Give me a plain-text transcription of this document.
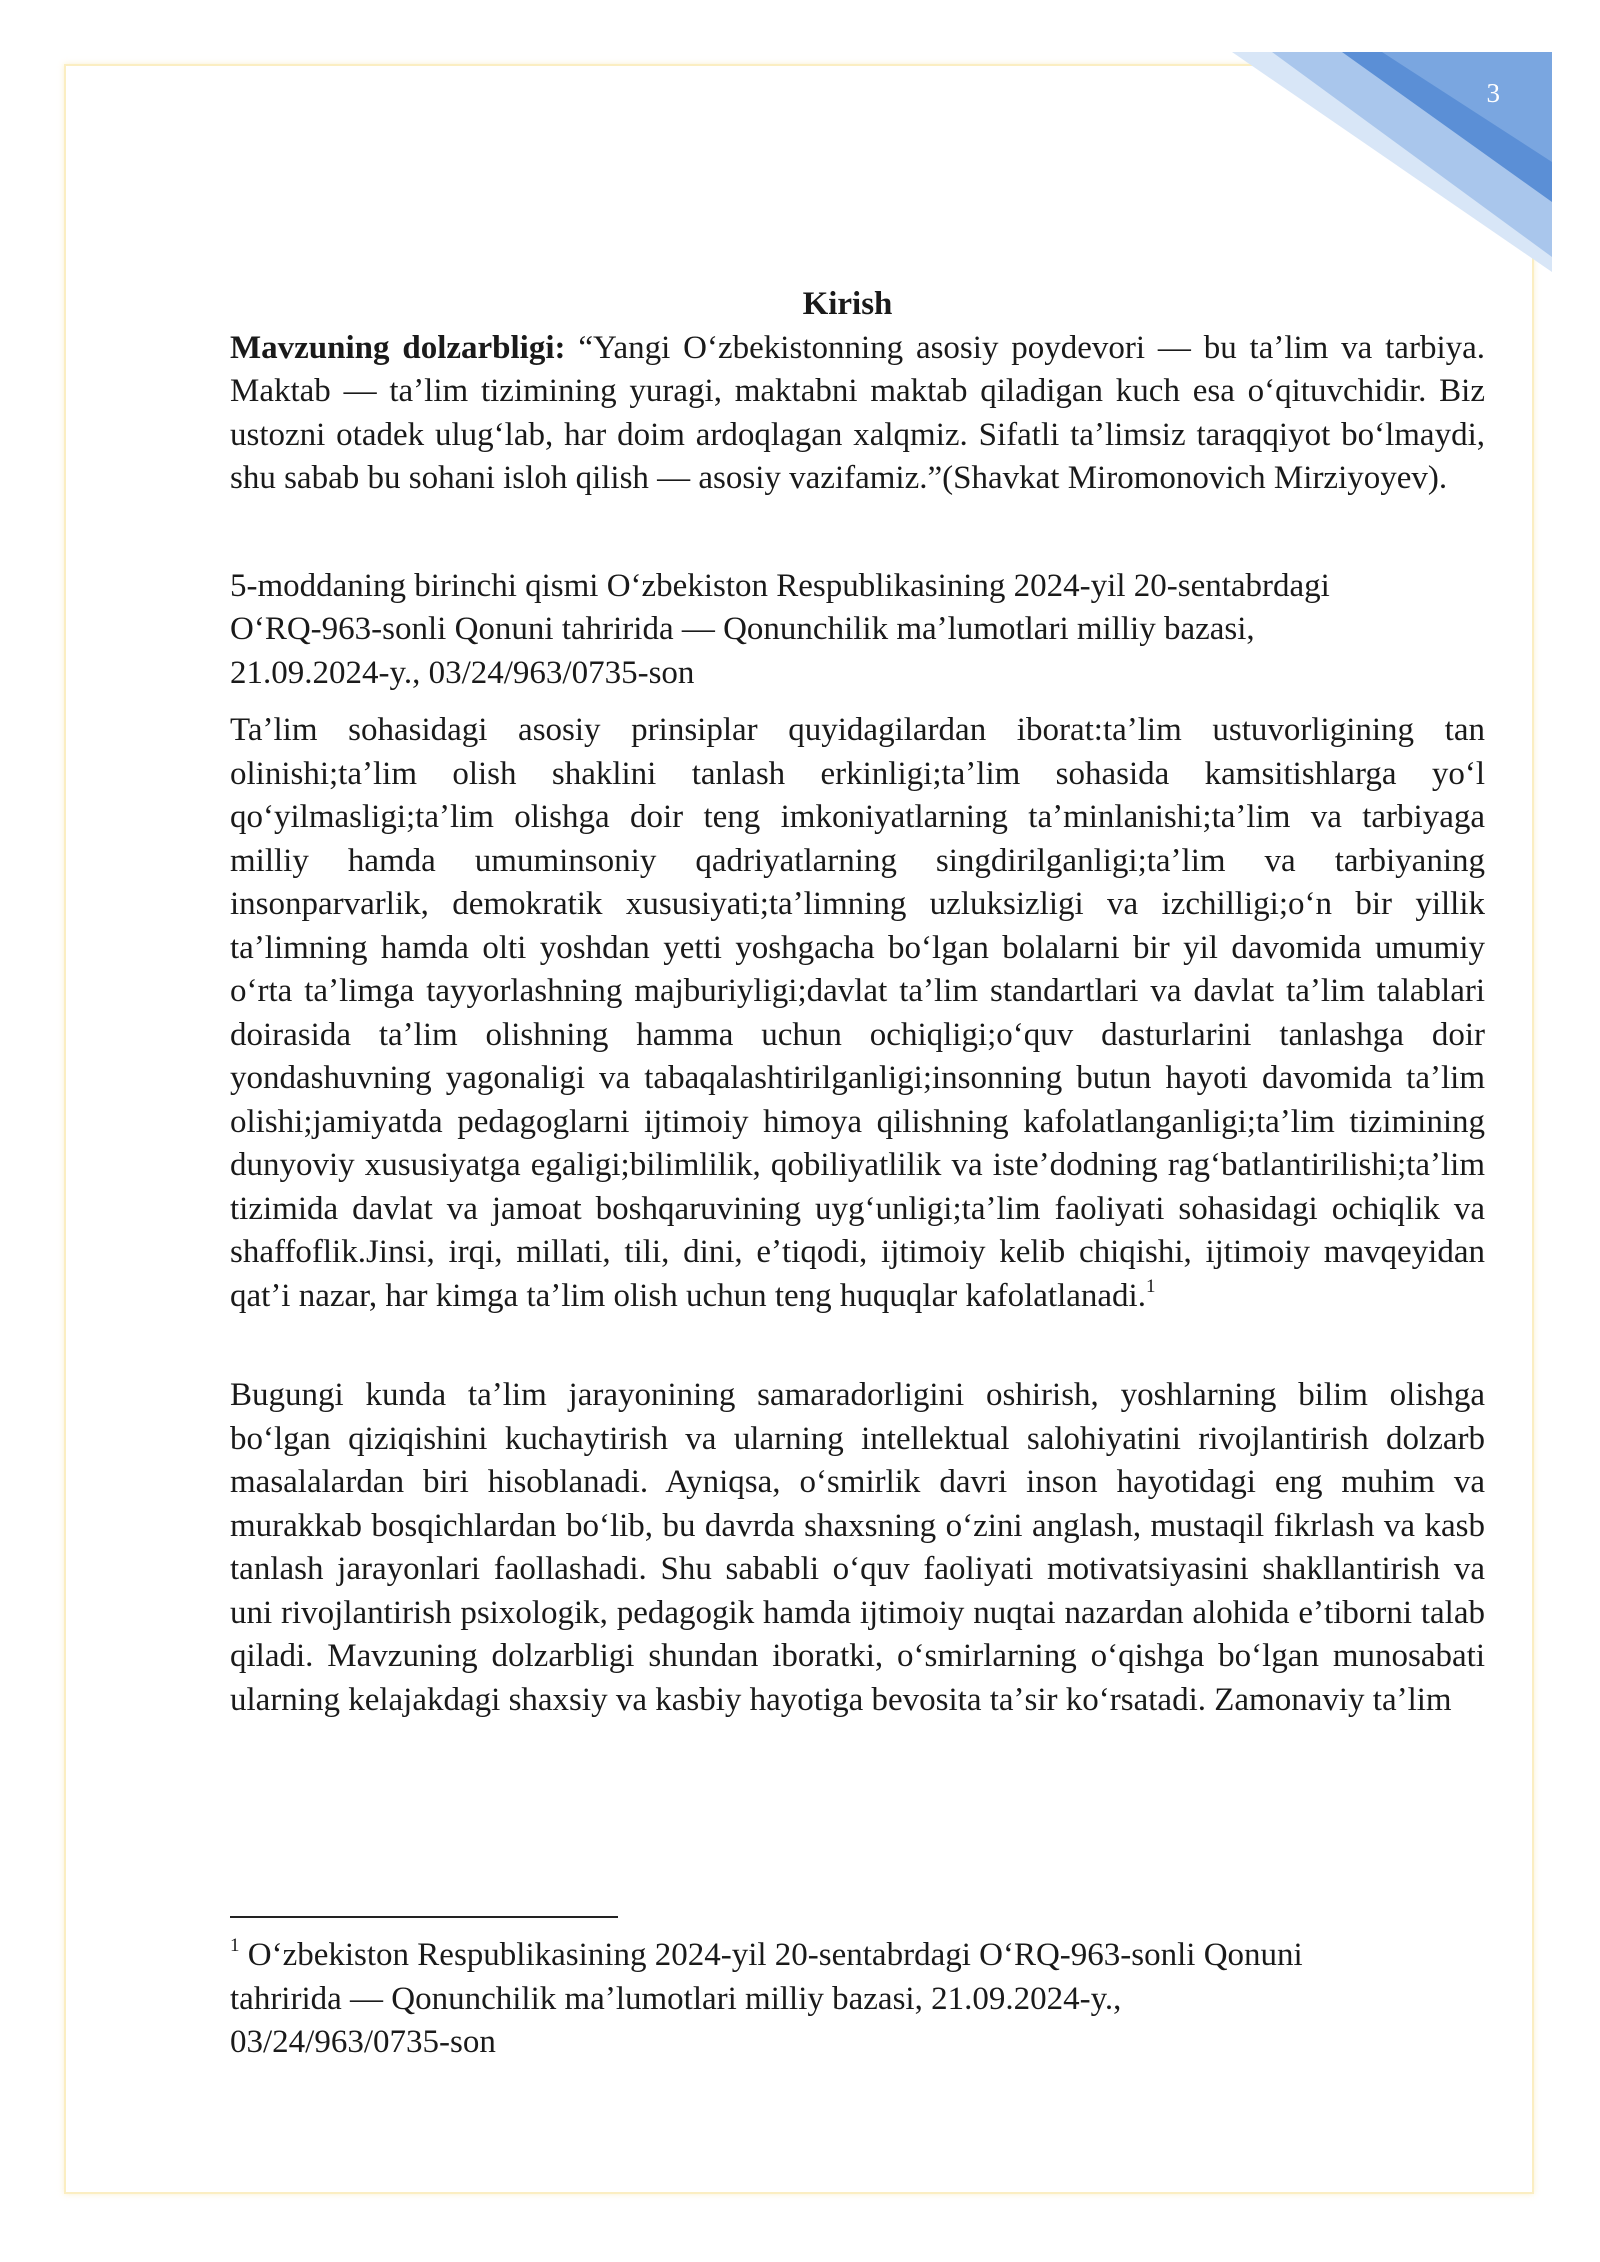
3

Kirish

Mavzuning dolzarbligi: “Yangi Oʻzbekistonning asosiy poydevori — bu taʼlim va tarbiya. Maktab — taʼlim tizimining yuragi, maktabni maktab qiladigan kuch esa oʻqituvchidir. Biz ustozni otadek ulugʻlab, har doim ardoqlagan xalqmiz. Sifatli taʼlimsiz taraqqiyot boʻlmaydi, shu sabab bu sohani isloh qilish — asosiy vazifamiz.”(Shavkat Miromonovich Mirziyoyev).

5-moddaning birinchi qismi Oʻzbekiston Respublikasining 2024-yil 20-sentabrdagi
OʻRQ-963-sonli Qonuni tahririda — Qonunchilik maʼlumotlari milliy bazasi,
21.09.2024-y., 03/24/963/0735-son

Taʼlim sohasidagi asosiy prinsiplar quyidagilardan iborat:taʼlim ustuvorligining tan olinishi;taʼlim olish shaklini tanlash erkinligi;taʼlim sohasida kamsitishlarga yoʻl qoʻyilmasligi;taʼlim olishga doir teng imkoniyatlarning taʼminlanishi;taʼlim va tarbiyaga milliy hamda umuminsoniy qadriyatlarning singdirilganligi;taʼlim va tarbiyaning insonparvarlik, demokratik xususiyati;taʼlimning uzluksizligi va izchilligi;oʻn bir yillik taʼlimning hamda olti yoshdan yetti yoshgacha boʻlgan bolalarni bir yil davomida umumiy oʻrta taʼlimga tayyorlashning majburiyligi;davlat taʼlim standartlari va davlat taʼlim talablari doirasida taʼlim olishning hamma uchun ochiqligi;oʻquv dasturlarini tanlashga doir yondashuvning yagonaligi va tabaqalashtirilganligi;insonning butun hayoti davomida taʼlim olishi;jamiyatda pedagoglarni ijtimoiy himoya qilishning kafolatlanganligi;taʼlim tizimining dunyoviy xususiyatga egaligi;bilimlilik, qobiliyatlilik va isteʼdodning ragʻbatlantirilishi;taʼlim tizimida davlat va jamoat boshqaruvining uygʻunligi;taʼlim faoliyati sohasidagi ochiqlik va shaffoflik.Jinsi, irqi, millati, tili, dini, eʼtiqodi, ijtimoiy kelib chiqishi, ijtimoiy mavqeyidan qatʼi nazar, har kimga taʼlim olish uchun teng huquqlar kafolatlanadi.$^1$

Bugungi kunda taʼlim jarayonining samaradorligini oshirish, yoshlarning bilim olishga boʻlgan qiziqishini kuchaytirish va ularning intellektual salohiyatini rivojlantirish dolzarb masalalardan biri hisoblanadi. Ayniqsa, oʻsmirlik davri inson hayotidagi eng muhim va murakkab bosqichlardan boʻlib, bu davrda shaxsning oʻzini anglash, mustaqil fikrlash va kasb tanlash jarayonlari faollashadi. Shu sababli oʻquv faoliyati motivatsiyasini shakllantirish va uni rivojlantirish psixologik, pedagogik hamda ijtimoiy nuqtai nazardan alohida eʼtiborni talab qiladi. Mavzuning dolzarbligi shundan iboratki, oʻsmirlarning oʻqishga boʻlgan munosabati ularning kelajakdagi shaxsiy va kasbiy hayotiga bevosita taʼsir koʻrsatadi. Zamonaviy taʼlim

$^1$ Oʻzbekiston Respublikasining 2024-yil 20-sentabrdagi OʻRQ-963-sonli Qonuni
tahririda — Qonunchilik maʼlumotlari milliy bazasi, 21.09.2024-y.,
03/24/963/0735-son
